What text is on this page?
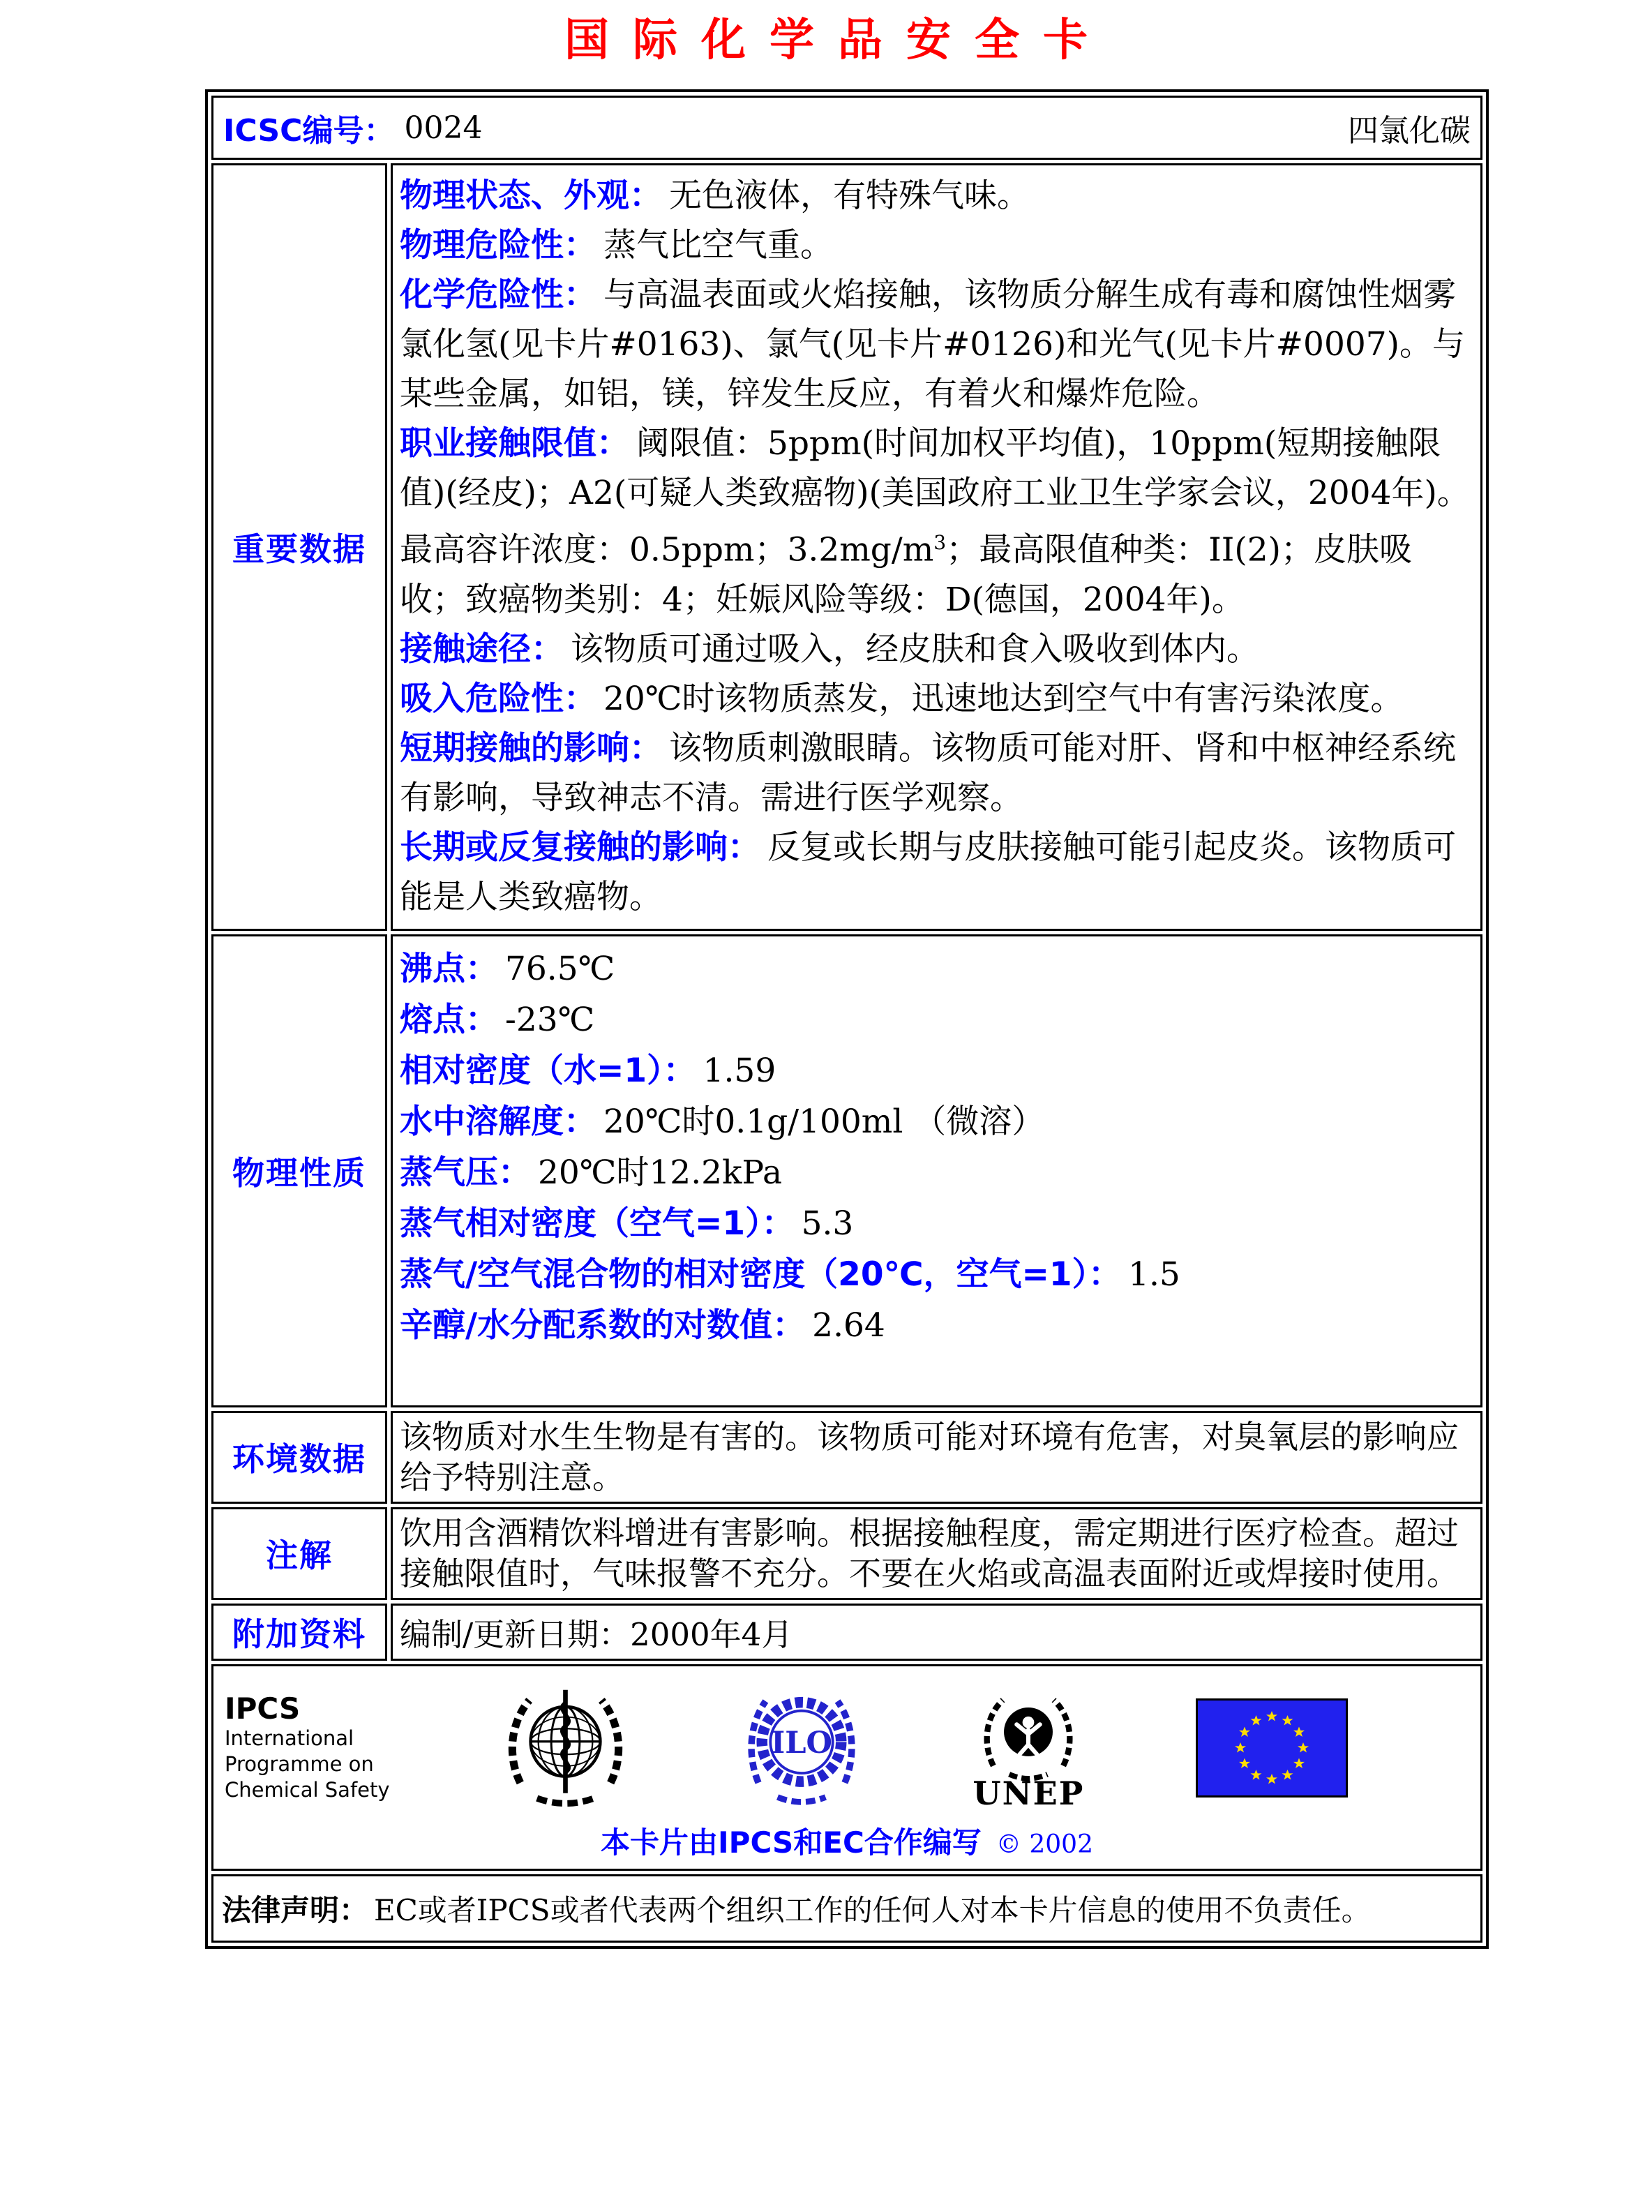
国际化学品安全卡
ICSC编号： 0024	四氯化碳
重要数据

物理状态、外观： 无色液体，有特殊气味。

物理危险性： 蒸气比空气重。

化学危险性： 与高温表面或火焰接触，该物质分解生成有毒和腐蚀性烟雾氯化氢(见卡片#0163)、氯气(见卡片#0126)和光气(见卡片#0007)。与某些金属，如铝，镁，锌发生反应，有着火和爆炸危险。

职业接触限值： 阈限值：5ppm(时间加权平均值)，10ppm(短期接触限值)(经皮)；A2(可疑人类致癌物)(美国政府工业卫生学家会议，2004年)。

最高容许浓度：0.5ppm；$3.2mg/m^3$；最高限值种类：II(2)；皮肤吸收；致癌物类别：4；妊娠风险等级：D(德国，2004年)。

接触途径： 该物质可通过吸入，经皮肤和食入吸收到体内。

吸入危险性： 20℃时该物质蒸发，迅速地达到空气中有害污染浓度。

短期接触的影响： 该物质刺激眼睛。该物质可能对肝、肾和中枢神经系统有影响，导致神志不清。需进行医学观察。

长期或反复接触的影响： 反复或长期与皮肤接触可能引起皮炎。该物质可能是人类致癌物。

物理性质

沸点： 76.5℃

熔点： -23℃

相对密度（水=1）： 1.59

水中溶解度： 20℃时0.1g/100ml （微溶）

蒸气压： 20℃时12.2kPa

蒸气相对密度（空气=1）： 5.3

蒸气/空气混合物的相对密度（20℃，空气=1）： 1.5

辛醇/水分配系数的对数值： 2.64

环境数据

该物质对水生生物是有害的。该物质可能对环境有危害，对臭氧层的影响应给予特别注意。

注解

饮用含酒精饮料增进有害影响。根据接触程度，需定期进行医疗检查。超过接触限值时，气味报警不充分。不要在火焰或高温表面附近或焊接时使用。

附加资料	编制/更新日期：2000年4月
IPCS
International
Programme on
Chemical Safety
ILO
UNEP
本卡片由IPCS和EC合作编写 © 2002
法律声明： EC或者IPCS或者代表两个组织工作的任何人对本卡片信息的使用不负责任。
